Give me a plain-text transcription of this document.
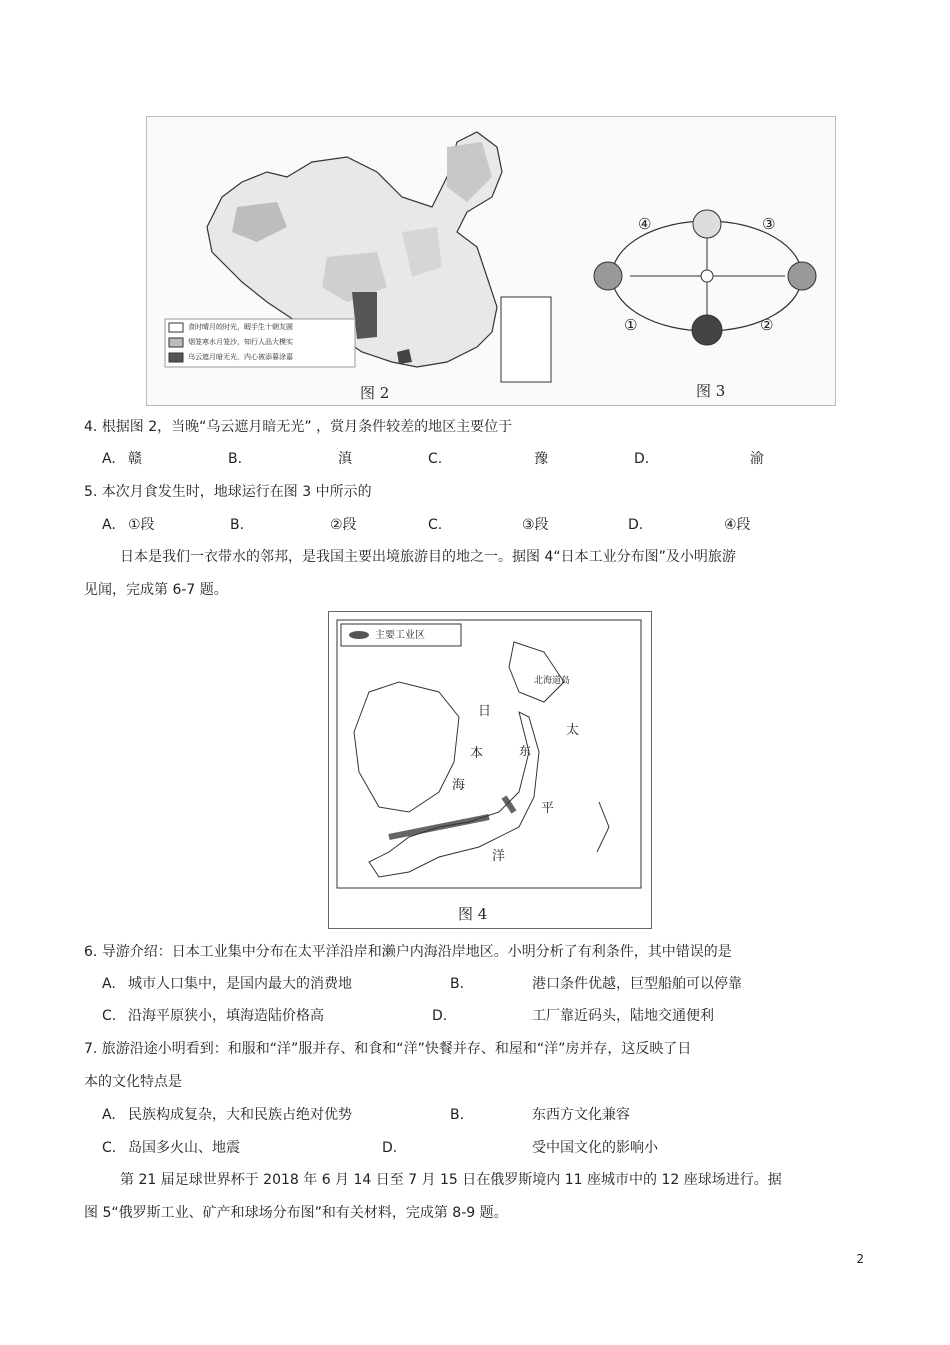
食时晴月皎时光，暇手生十朝友圆
烟笼寒水月笼沙，知行人品大模实
乌云遮月暗无光，内心被添暮涂嘉
图 2
④	③
①	②
图 3
4. 根据图 2，当晚“乌云遮月暗无光” ，赏月条件较差的地区主要位于
A. 赣	B.	滇	C.	豫	D.	渝
5. 本次月食发生时，地球运行在图 3 中所示的
A. ①段	B.	②段	C.	③段	D.	④段
日本是我们一衣带水的邻邦，是我国主要出境旅游目的地之一。据图 4“日本工业分布图”及小明旅游
见闻，完成第 6-7 题。
主要工业区
北海道岛
日
本
海
东
太
平
洋
图 4
6. 导游介绍：日本工业集中分布在太平洋沿岸和濑户内海沿岸地区。小明分析了有利条件，其中错误的是
A. 城市人口集中，是国内最大的消费地	B.	港口条件优越，巨型船舶可以停靠
C. 沿海平原狭小，填海造陆价格高	D.	工厂靠近码头，陆地交通便利
7. 旅游沿途小明看到：和服和“洋”服并存、和食和“洋”快餐并存、和屋和“洋”房并存，这反映了日
本的文化特点是
A. 民族构成复杂，大和民族占绝对优势	B.	东西方文化兼容
C. 岛国多火山、地震	D.	受中国文化的影响小
第 21 届足球世界杯于 2018 年 6 月 14 日至 7 月 15 日在俄罗斯境内 11 座城市中的 12 座球场进行。据
图 5“俄罗斯工业、矿产和球场分布图”和有关材料，完成第 8-9 题。
2
